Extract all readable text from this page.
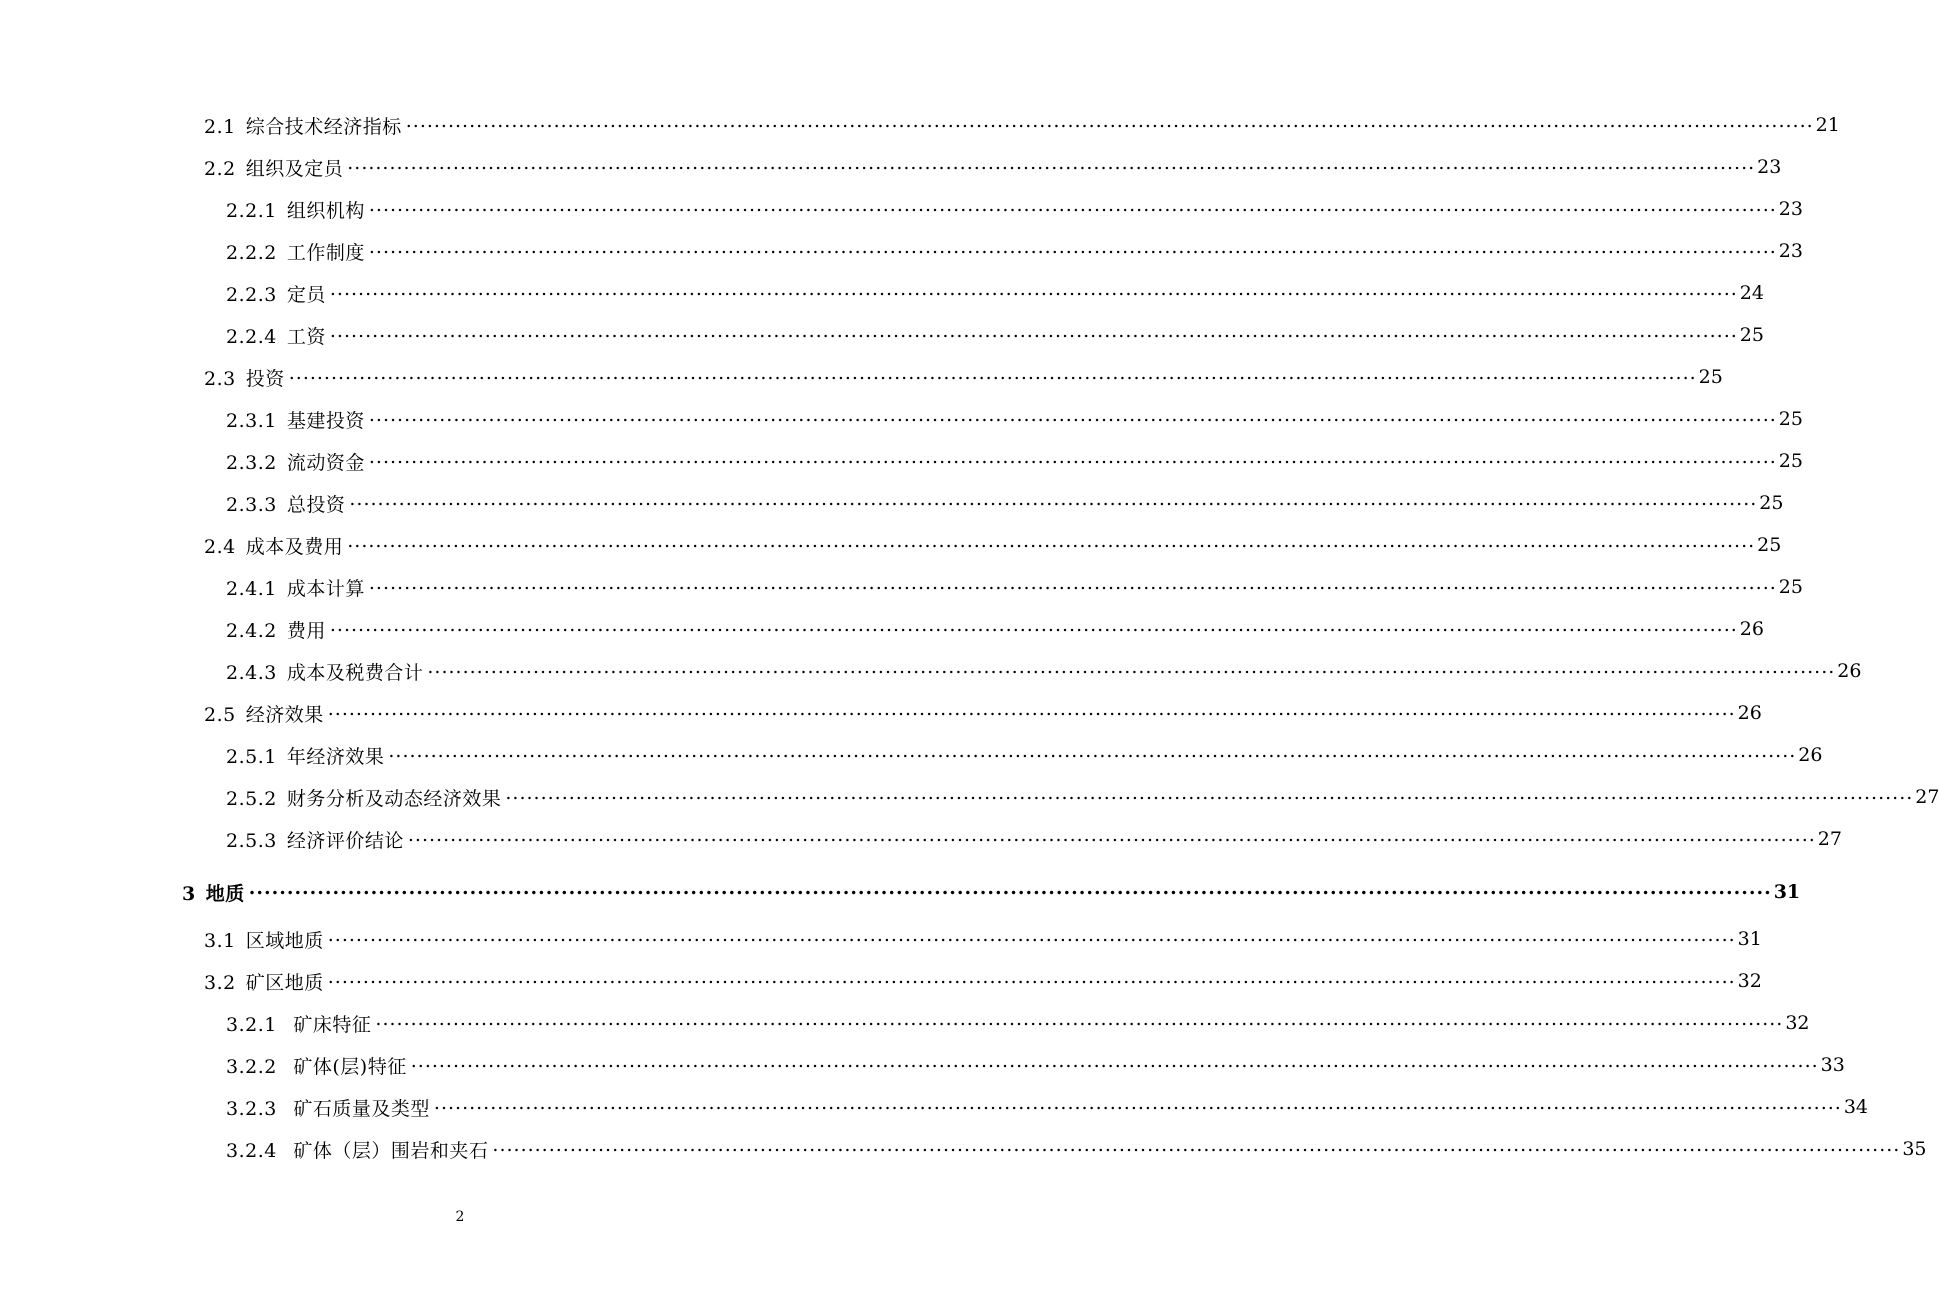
2.1 综合技术经济指标 ........................................................................................................................................................................................................ 21
2.2 组织及定员 ........................................................................................................................................................................................................ 23
2.2.1 组织机构 ........................................................................................................................................................................................................ 23
2.2.2 工作制度 ........................................................................................................................................................................................................ 23
2.2.3 定员 ........................................................................................................................................................................................................ 24
2.2.4 工资 ........................................................................................................................................................................................................ 25
2.3 投资 ........................................................................................................................................................................................................ 25
2.3.1 基建投资 ........................................................................................................................................................................................................ 25
2.3.2 流动资金 ........................................................................................................................................................................................................ 25
2.3.3 总投资 ........................................................................................................................................................................................................ 25
2.4 成本及费用 ........................................................................................................................................................................................................ 25
2.4.1 成本计算 ........................................................................................................................................................................................................ 25
2.4.2 费用 ........................................................................................................................................................................................................ 26
2.4.3 成本及税费合计 ........................................................................................................................................................................................................ 26
2.5 经济效果 ........................................................................................................................................................................................................ 26
2.5.1 年经济效果 ........................................................................................................................................................................................................ 26
2.5.2 财务分析及动态经济效果 ........................................................................................................................................................................................................ 27
2.5.3 经济评价结论 ........................................................................................................................................................................................................ 27
3 地质 ........................................................................................................................................................................................................ 31
3.1 区域地质 ........................................................................................................................................................................................................ 31
3.2 矿区地质 ........................................................................................................................................................................................................ 32
3.2.1 矿床特征 ........................................................................................................................................................................................................ 32
3.2.2 矿体(层)特征 ........................................................................................................................................................................................................ 33
3.2.3 矿石质量及类型 ........................................................................................................................................................................................................ 34
3.2.4 矿体（层）围岩和夹石 ........................................................................................................................................................................................................ 35
2
